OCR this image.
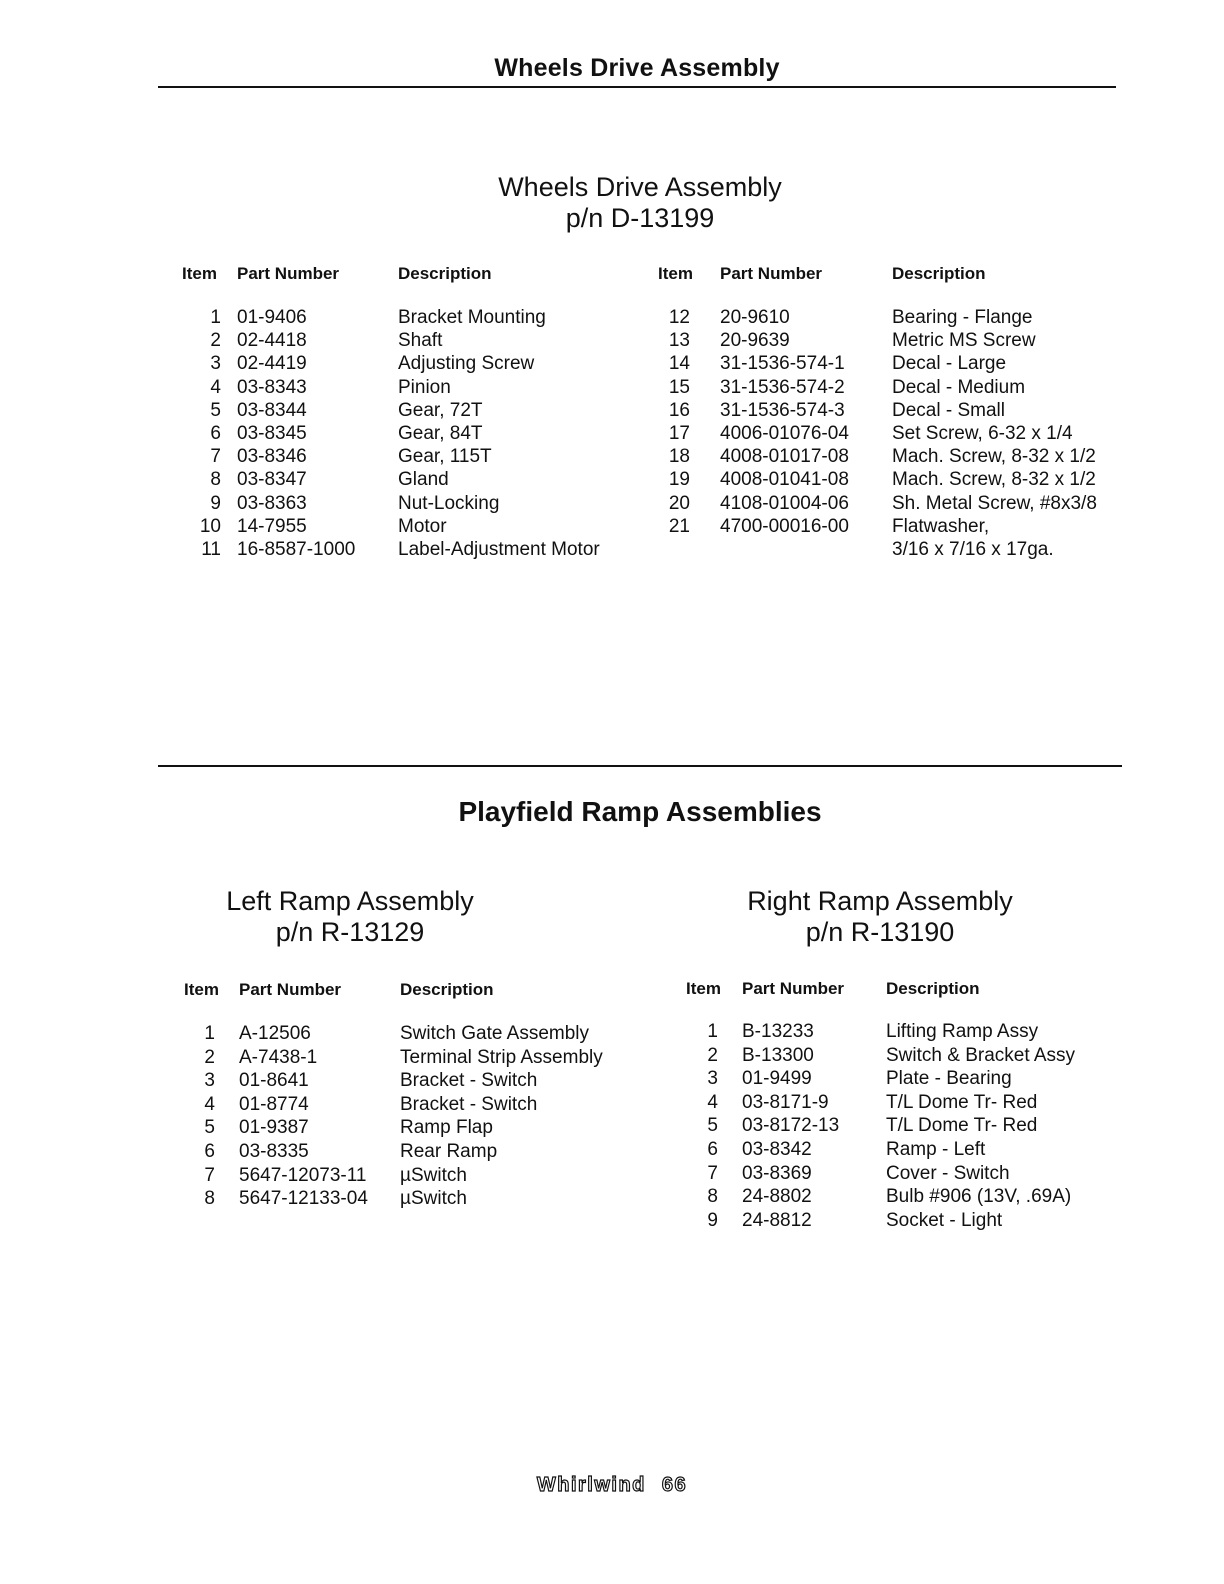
Wheels Drive Assembly
Wheels Drive Assembly
p/n D-13199
Item Part Number	Description	Item Part Number	Description
1 01-9406	Bracket Mounting
2 02-4418	Shaft
3 02-4419	Adjusting Screw
4 03-8343	Pinion
5 03-8344	Gear, 72T
6 03-8345	Gear, 84T
7 03-8346	Gear, 115T
8 03-8347	Gland
9 03-8363	Nut-Locking
10 14-7955	Motor
11 16-8587-1000 Label-Adjustment Motor
12 20-9610	Bearing - Flange
13 20-9639	Metric MS Screw
14 31-1536-574-1 Decal - Large
15 31-1536-574-2 Decal - Medium
16 31-1536-574-3 Decal - Small
17 4006-01076-04 Set Screw, 6-32 x 1/4
18 4008-01017-08 Mach. Screw, 8-32 x 1/2
19 4008-01041-08 Mach. Screw, 8-32 x 1/2
20 4108-01004-06 Sh. Metal Screw, #8x3/8
21 4700-00016-00 Flatwasher,
3/16 x 7/16 x 17ga.
Playfield Ramp Assemblies
Left Ramp Assembly
p/n R-13129
Right Ramp Assembly
p/n R-13190
Item Part Number	Description	Item Part Number Description
1 A-12506	Switch Gate Assembly
2 A-7438-1	Terminal Strip Assembly
3 01-8641	Bracket - Switch
4 01-8774	Bracket - Switch
5 01-9387	Ramp Flap
6 03-8335	Rear Ramp
7 5647-12073-11 µSwitch
8 5647-12133-04 µSwitch
1 B-13233	Lifting Ramp Assy
2 B-13300	Switch & Bracket Assy
3 01-9499	Plate - Bearing
4 03-8171-9	T/L Dome Tr- Red
5 03-8172-13 T/L Dome Tr- Red
6 03-8342	Ramp - Left
7 03-8369	Cover - Switch
8 24-8802	Bulb #906 (13V, .69A)
9 24-8812	Socket - Light
Whirlwind 66
